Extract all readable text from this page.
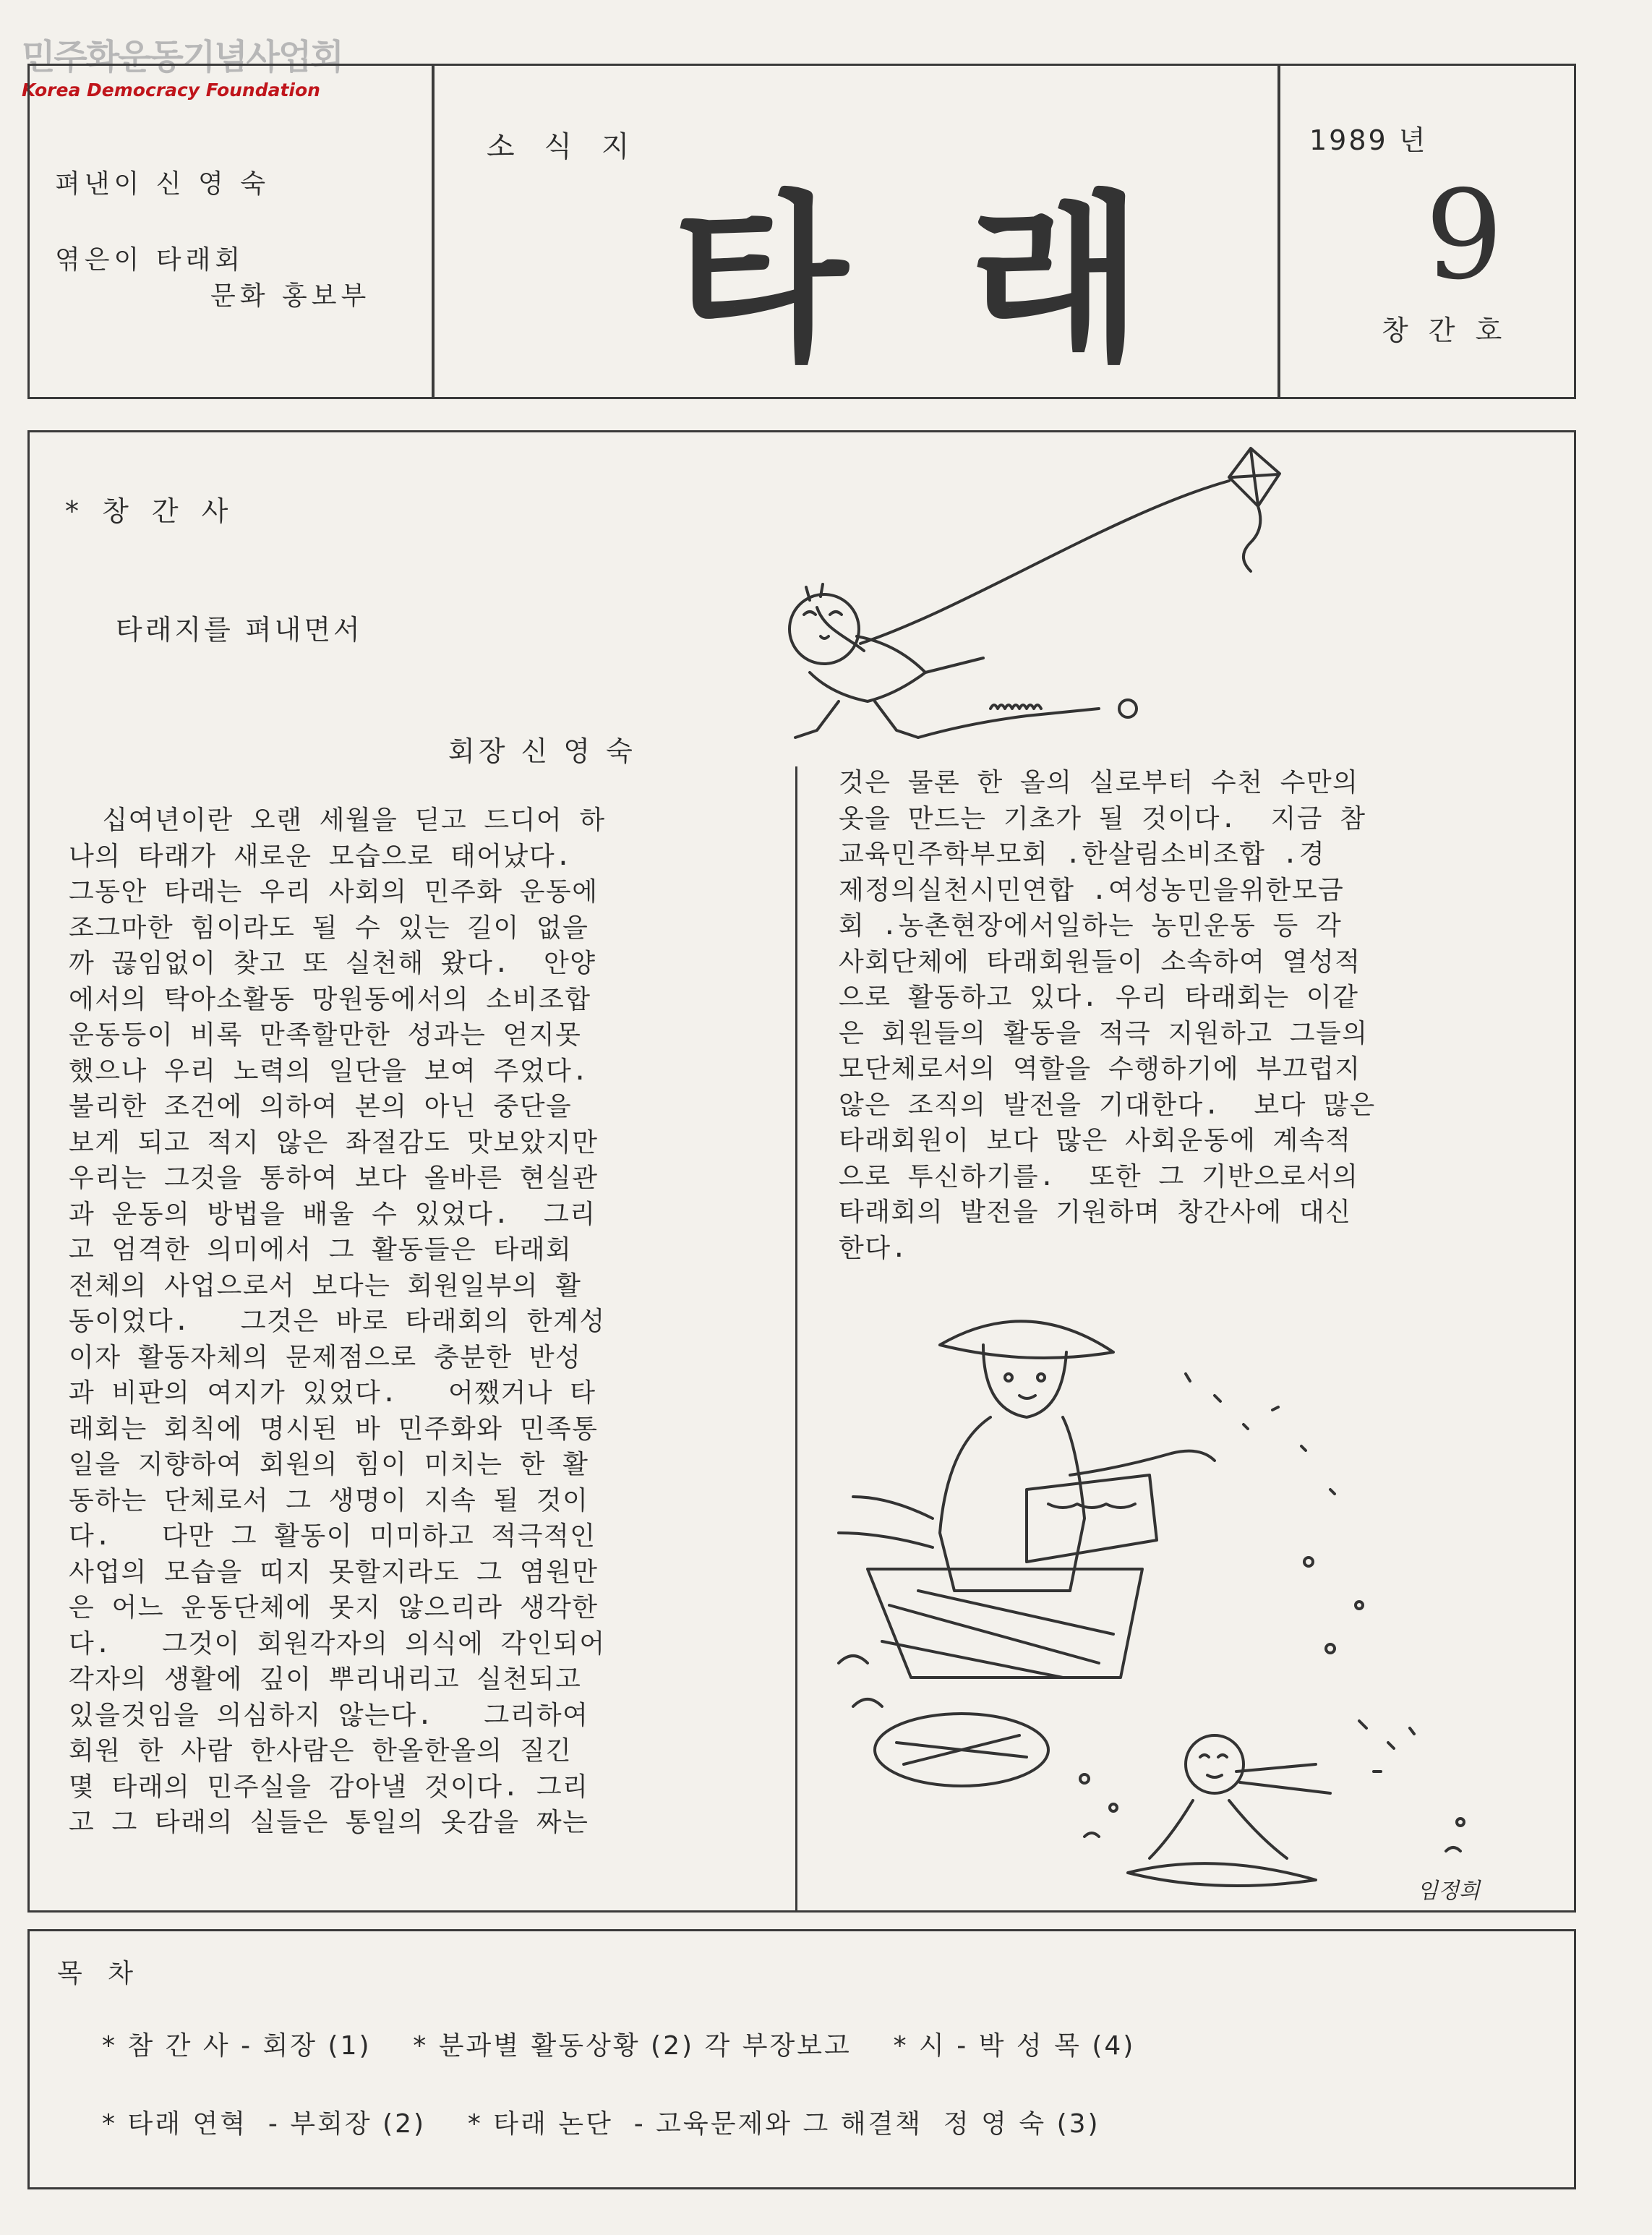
민주화운동기념사업회
Korea Democracy Foundation
펴낸이 신 영 숙
엮은이 타래회
문화 홍보부
소 식 지
타 래
1989 년
9
창 간 호
* 창 간 사
타래지를 펴내면서
회장 신 영 숙
십여년이란 오랜 세월을 딛고 드디어 하
나의 타래가 새로운 모습으로 태어났다.
그동안 타래는 우리 사회의 민주화 운동에
조그마한 힘이라도 될 수 있는 길이 없을
까 끊임없이 찾고 또 실천해 왔다.  안양
에서의 탁아소활동 망원동에서의 소비조합
운동등이 비록 만족할만한 성과는 얻지못
했으나 우리 노력의 일단을 보여 주었다.
불리한 조건에 의하여 본의 아닌 중단을
보게 되고 적지 않은 좌절감도 맛보았지만
우리는 그것을 통하여 보다 올바른 현실관
과 운동의 방법을 배울 수 있었다.  그리
고 엄격한 의미에서 그 활동들은 타래회
전체의 사업으로서 보다는 회원일부의 활
동이었다.   그것은 바로 타래회의 한계성
이자 활동자체의 문제점으로 충분한 반성
과 비판의 여지가 있었다.   어쨌거나 타
래회는 회칙에 명시된 바 민주화와 민족통
일을 지향하여 회원의 힘이 미치는 한 활
동하는 단체로서 그 생명이 지속 될 것이
다.   다만 그 활동이 미미하고 적극적인
사업의 모습을 띠지 못할지라도 그 염원만
은 어느 운동단체에 못지 않으리라 생각한
다.   그것이 회원각자의 의식에 각인되어
각자의 생활에 깊이 뿌리내리고 실천되고
있을것임을 의심하지 않는다.   그리하여
회원 한 사람 한사람은 한올한올의 질긴
몇 타래의 민주실을 감아낼 것이다. 그리
고 그 타래의 실들은 통일의 옷감을 짜는
것은 물론 한 올의 실로부터 수천 수만의
옷을 만드는 기초가 될 것이다.  지금 참
교육민주학부모회 .한살림소비조합 .경
제정의실천시민연합 .여성농민을위한모금
회 .농촌현장에서일하는 농민운동 등 각
사회단체에 타래회원들이 소속하여 열성적
으로 활동하고 있다. 우리 타래회는 이같
은 회원들의 활동을 적극 지원하고 그들의
모단체로서의 역할을 수행하기에 부끄럽지
않은 조직의 발전을 기대한다.  보다 많은
타래회원이 보다 많은 사회운동에 계속적
으로 투신하기를.  또한 그 기반으로서의
타래회의 발전을 기원하며 창간사에 대신
한다.
임정희
목 차
* 참 간 사 - 회장 (1)    * 분과별 활동상황 (2) 각 부장보고    * 시 - 박 성 목 (4)
* 타래 연혁  - 부회장 (2)    * 타래 논단  - 고육문제와 그 해결책  정 영 숙 (3)
